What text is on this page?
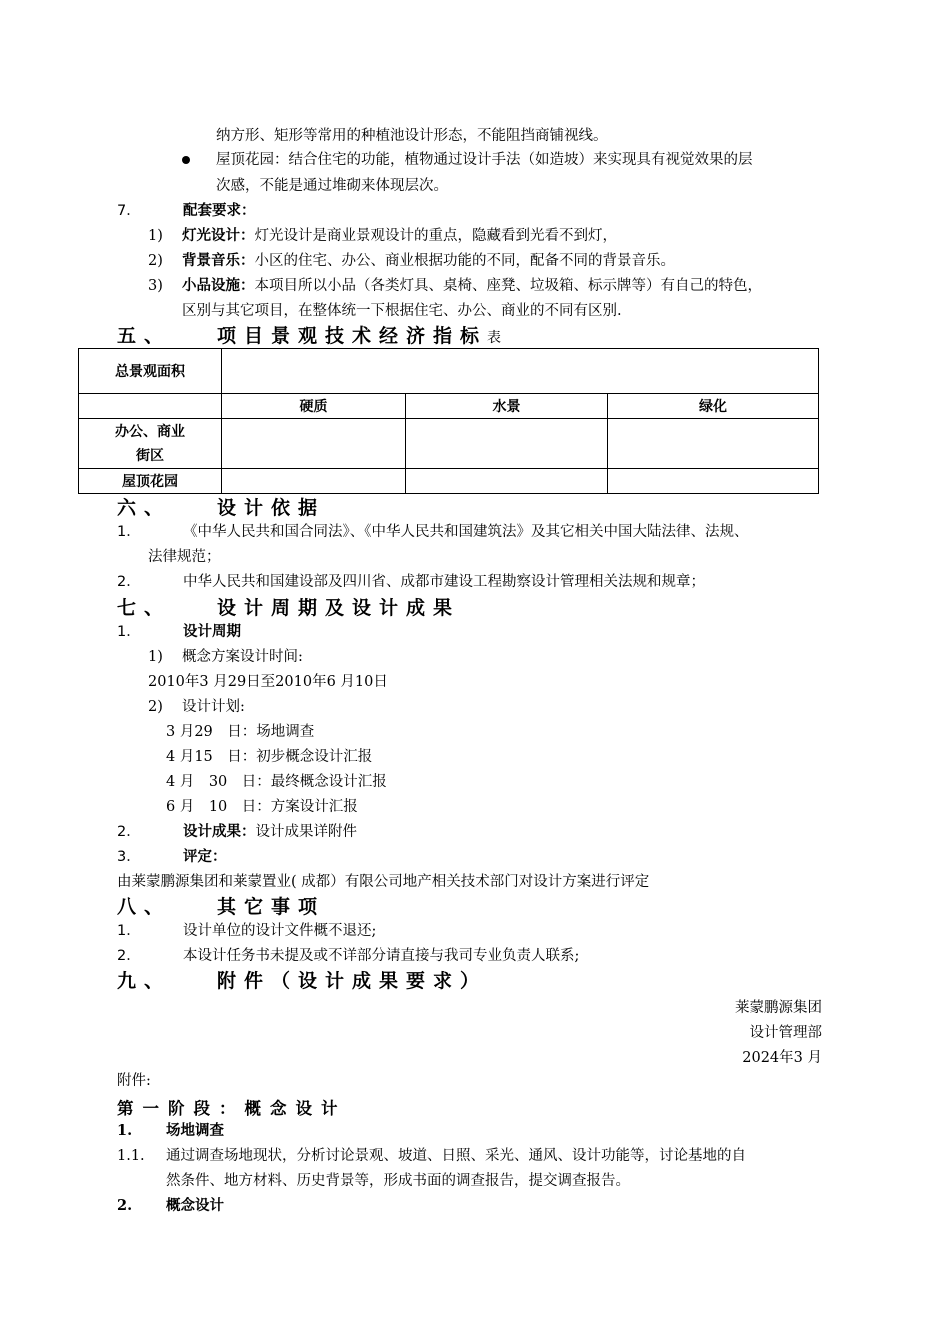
纳方形、矩形等常用的种植池设计形态，不能阻挡商铺视线。
屋顶花园：结合住宅的功能，植物通过设计手法（如造坡）来实现具有视觉效果的层
次感，不能是通过堆砌来体现层次。
7．	配套要求：
1) 灯光设计：灯光设计是商业景观设计的重点，隐藏看到光看不到灯，
2) 背景音乐：小区的住宅、办公、商业根据功能的不同，配备不同的背景音乐。
3) 小品设施：本项目所以小品（各类灯具、桌椅、座凳、垃圾箱、标示牌等）有自己的特色，
区别与其它项目，在整体统一下根据住宅、办公、商业的不同有区别.
五、 项目景观技术经济指标表
总景观面积			
	硬质	水景	绿化
办公、商业
街区			
屋顶花园			
六、 设计依据
1．	《中华人民共和国合同法》、《中华人民共和国建筑法》及其它相关中国大陆法律、法规、
法律规范；
2．	中华人民共和国建设部及四川省、成都市建设工程勘察设计管理相关法规和规章；
七、 设计周期及设计成果
1．	设计周期
1) 概念方案设计时间:
2010年3 月29日至2010年6 月10日
2) 设计计划:
3 月29　日：场地调查
4 月15　日：初步概念设计汇报
4 月　30　日：最终概念设计汇报
6 月　10　日：方案设计汇报
2．	设计成果：设计成果详附件
3．	评定：
由莱蒙鹏源集团和莱蒙置业( 成都）有限公司地产相关技术部门对设计方案进行评定
八、 其它事项
1．	设计单位的设计文件概不退还;
2．	本设计任务书未提及或不详部分请直接与我司专业负责人联系;
九、 附件（设计成果要求）
莱蒙鹏源集团
设计管理部
2024年3 月
附件:
第一阶段：概念设计
1. 场地调查
1.1. 通过调查场地现状，分析讨论景观、坡道、日照、采光、通风、设计功能等，讨论基地的自
然条件、地方材料、历史背景等，形成书面的调查报告，提交调查报告。
2. 概念设计
